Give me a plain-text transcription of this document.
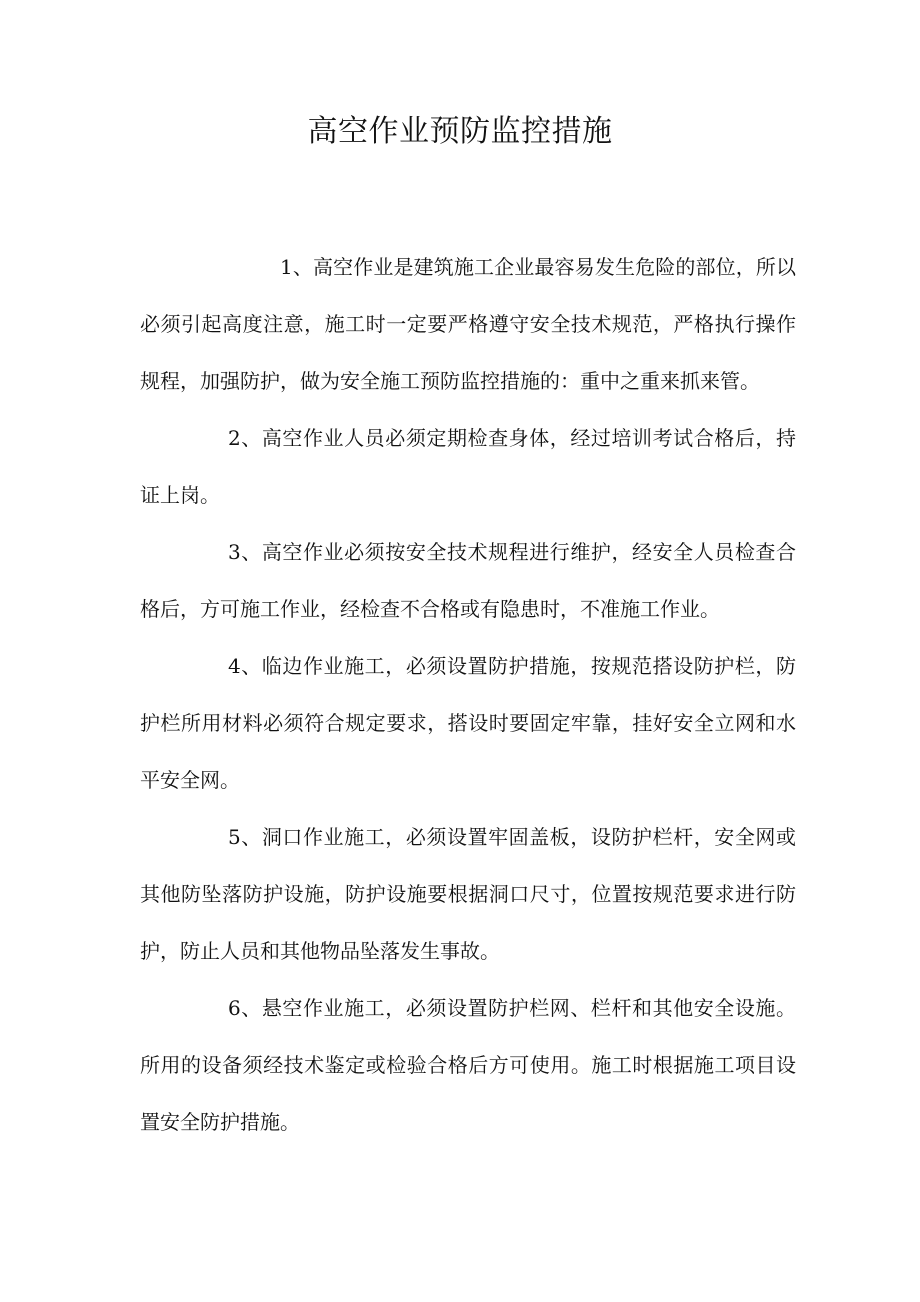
高空作业预防监控措施

1、高空作业是建筑施工企业最容易发生危险的部位，所以必须引起高度注意，施工时一定要严格遵守安全技术规范，严格执行操作规程，加强防护，做为安全施工预防监控措施的：重中之重来抓来管。

2、高空作业人员必须定期检查身体，经过培训考试合格后，持证上岗。

3、高空作业必须按安全技术规程进行维护，经安全人员检查合格后，方可施工作业，经检查不合格或有隐患时，不准施工作业。

4、临边作业施工，必须设置防护措施，按规范搭设防护栏，防护栏所用材料必须符合规定要求，搭设时要固定牢靠，挂好安全立网和水平安全网。

5、洞口作业施工，必须设置牢固盖板，设防护栏杆，安全网或其他防坠落防护设施，防护设施要根据洞口尺寸，位置按规范要求进行防护，防止人员和其他物品坠落发生事故。

6、悬空作业施工，必须设置防护栏网、栏杆和其他安全设施。所用的设备须经技术鉴定或检验合格后方可使用。施工时根据施工项目设置安全防护措施。
